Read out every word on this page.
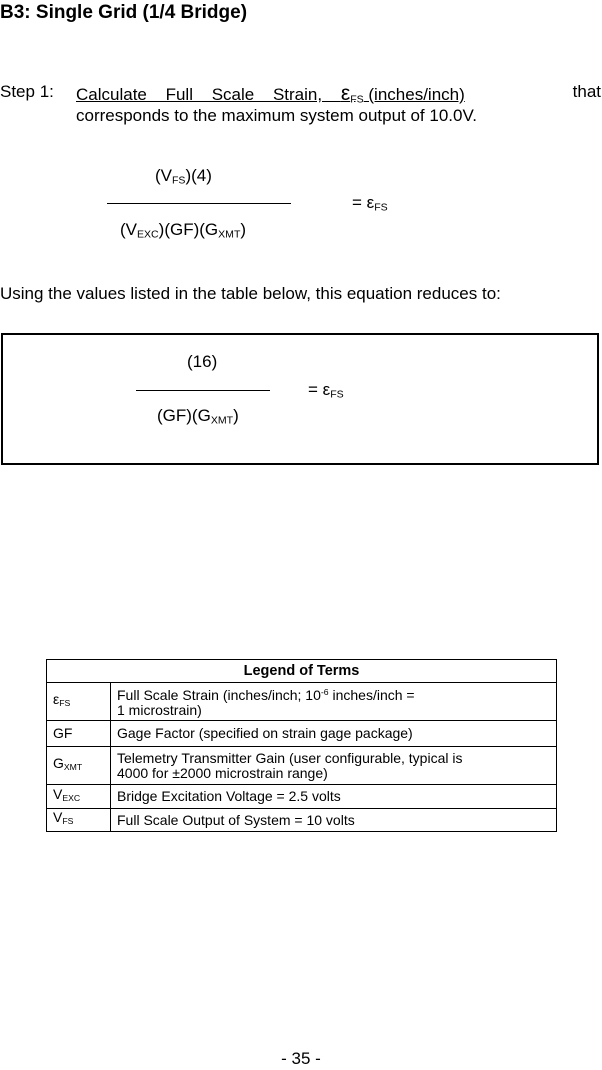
B3: Single Grid (1/4 Bridge)
Step 1: Calculate Full Scale Strain, $\varepsilon_{FS}$ (inches/inch)	that
corresponds to the maximum system output of 10.0V.
$(V_{FS})(4)$
$(V_{EXC})(GF)(G_{XMT})$
= $\varepsilon_{FS}$
Using the values listed in the table below, this equation reduces to:
(16)
$(GF)(G_{XMT})$
= $\varepsilon_{FS}$
Legend of Terms	
$\varepsilon_{FS}$	Full Scale Strain (inches/inch; $10^{-6}$ inches/inch =
1 microstrain)
GF	Gage Factor (specified on strain gage package)
$G_{XMT}$	Telemetry Transmitter Gain (user configurable, typical is
4000 for ±2000 microstrain range)
$V_{EXC}$	Bridge Excitation Voltage = 2.5 volts
$V_{FS}$	Full Scale Output of System = 10 volts
- 35 -
